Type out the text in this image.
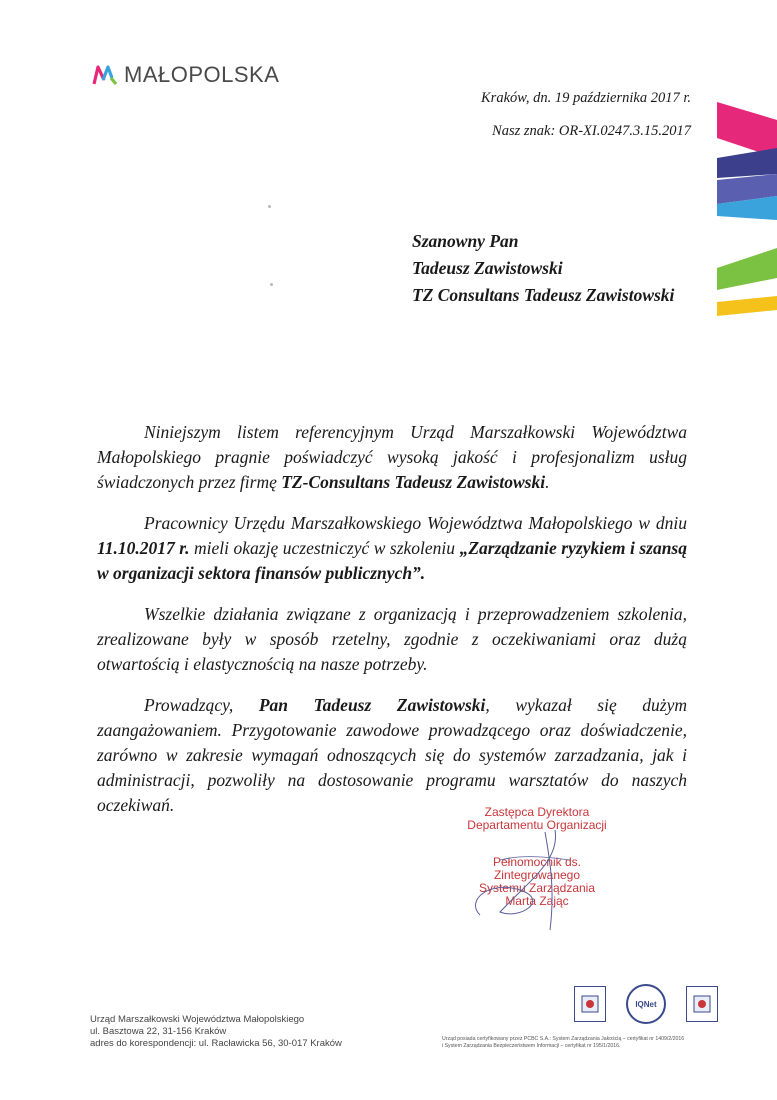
MAŁOPOLSKA
Kraków, dn. 19 października 2017 r.
Nasz znak: OR-XI.0247.3.15.2017
Szanowny Pan
Tadeusz Zawistowski
TZ Consultans Tadeusz Zawistowski

Niniejszym listem referencyjnym Urząd Marszałkowski Województwa Małopolskiego pragnie poświadczyć wysoką jakość i profesjonalizm usług świadczonych przez firmę TZ-Consultans Tadeusz Zawistowski.

Pracownicy Urzędu Marszałkowskiego Województwa Małopolskiego w dniu 11.10.2017 r. mieli okazję uczestniczyć w szkoleniu „Zarządzanie ryzykiem i szansą w organizacji sektora finansów publicznych”.

Wszelkie działania związane z organizacją i przeprowadzeniem szkolenia, zrealizowane były w sposób rzetelny, zgodnie z oczekiwaniami oraz dużą otwartością i elastycznością na nasze potrzeby.

Prowadzący, Pan Tadeusz Zawistowski, wykazał się dużym zaangażowaniem. Przygotowanie zawodowe prowadzącego oraz doświadczenie, zarówno w zakresie wymagań odnoszących się do systemów zarzadzania, jak i administracji, pozwoliły na dostosowanie programu warsztatów do naszych oczekiwań.	Zastępca Dyrektora
Departamentu Organizacji
Pełnomocnik ds. Zintegrowanego
Systemu Zarządzania
Marta Zając
Urząd Marszałkowski Województwa Małopolskiego
ul. Basztowa 22, 31-156 Kraków
adres do korespondencji: ul. Racławicka 56, 30-017 Kraków
IQNet
Urząd posiada certyfikowany przez PCBC S.A.: System Zarządzania Jakością – certyfikat nr 1409/2/2016
i System Zarządzania Bezpieczeństwem Informacji – certyfikat nr 195/1/2016.
